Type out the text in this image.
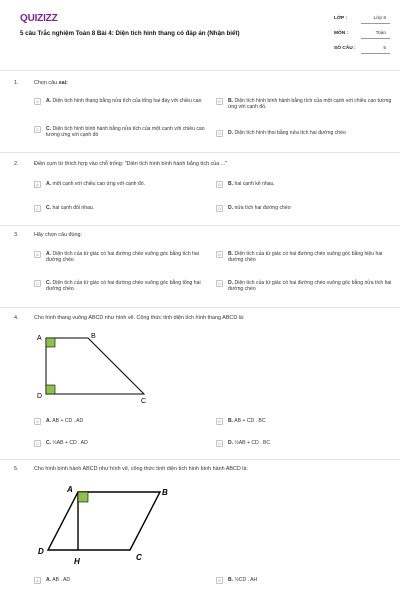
QUIZIZZ
5 câu Trắc nghiệm Toán 8 Bài 4: Diện tích hình thang có đáp án (Nhận biết)
LỚP :	Lớp 8
MÔN :	Toán
SỐ CÂU :	5
1.	Chọn câu sai:
A	A. Diện tích hình thang bằng nửa tích của tổng hai đáy với chiều cao	B	B. Diện tích hình bình hành bằng tích của một cạnh với chiều cao tương ứng với cạnh đó.
C	C. Diện tích hình bình hành bằng nửa tích của một cạnh với chiều cao tương ứng với cạnh đó	D	D. Diện tích hình thoi bằng nửa tích hai đường chéo
2.	Điền cụm từ thích hợp vào chỗ trống: "Diện tích hình bình hành bằng tích của ..."
A	A. một cạnh với chiều cao ứng với cạnh đó.	B	B. hai cạnh kề nhau.
C	C. hai cạnh đối nhau.	D	D. nửa tích hai đường chéo
3.	Hãy chọn câu đúng:
A	A. Diện tích của tứ giác có hai đường chéo vuông góc bằng tích hai đường chéo
B	B. Diện tích của tứ giác có hai đường chéo vuông góc bằng hiệu hai đường chéo
C	C. Diện tích của tứ giác có hai đường chéo vuông góc bằng tổng hai đường chéo
D	D. Diện tích của tứ giác có hai đường chéo vuông góc bằng nửa tích hai đường chéo
4.	Cho hình thang vuông ABCD như hình vẽ. Công thức tính diện tích hình thang ABCD là:
A	B
C
D
A	A. AB + CD . AD	B	B. AB + CD . BC
C	C. ½AB + CD . AD	D	D. ½AB + CD . BC
5.	Cho hình bình hành ABCD như hình vẽ, công thức tính diện tích hình bình hành ABCD là:
A	B
C
D
H
A	A. AB . AD	B	B. ½CD . AH
